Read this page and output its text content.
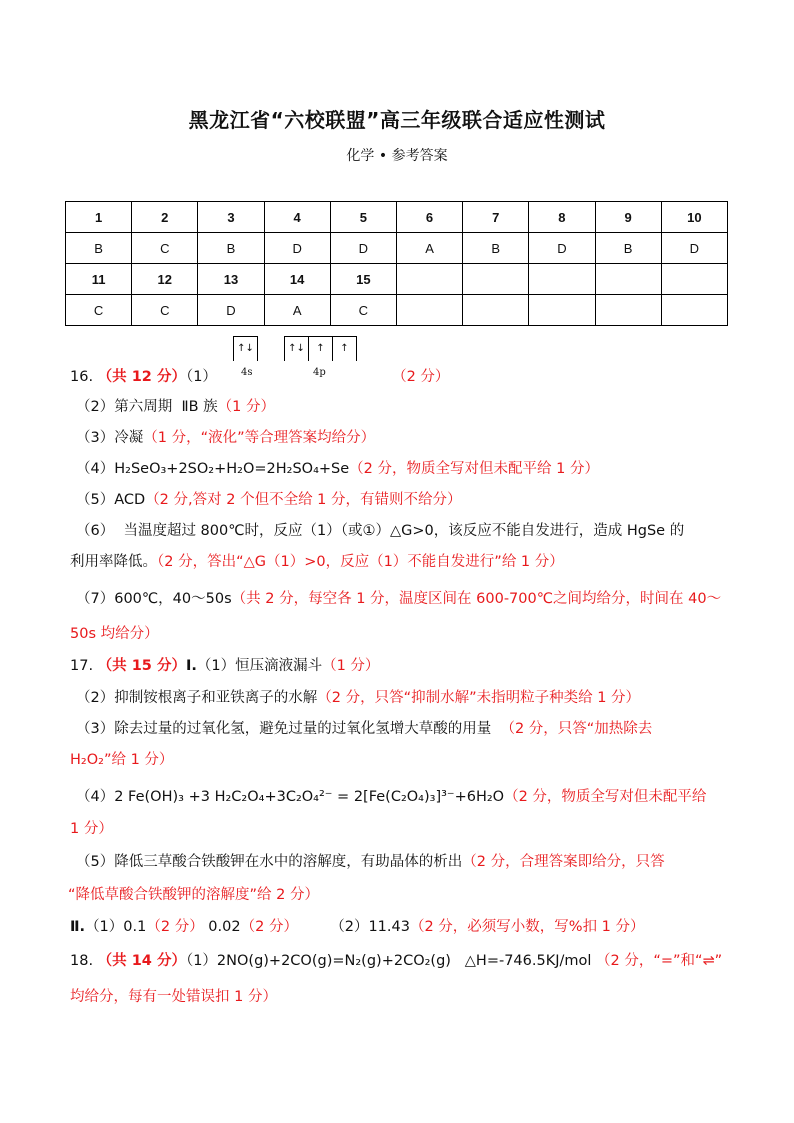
黑龙江省“六校联盟”高三年级联合适应性测试
化学 • 参考答案
1	2	3	4	5	6	7	8	9	10
B	C	B	D	D	A	B	D	B	D
11	12	13	14	15					
C	C	D	A	C					
↑↓	↑↓	↑	↑
4s	4p
16. （共 12 分）（1）	（2 分）
（2）第六周期  ⅡB 族（1 分）
（3）冷凝（1 分，“液化”等合理答案均给分）
（4）H₂SeO₃+2SO₂+H₂O=2H₂SO₄+Se（2 分，物质全写对但未配平给 1 分）
（5）ACD（2 分,答对 2 个但不全给 1 分，有错则不给分）
（6）  当温度超过 800℃时，反应（1）（或①）△G>0，该反应不能自发进行，造成 HgSe 的
利用率降低。（2 分，答出“△G（1）>0，反应（1）不能自发进行”给 1 分）
（7）600℃，40～50s（共 2 分，每空各 1 分，温度区间在 600-700℃之间均给分，时间在 40～
50s 均给分）
17. （共 15 分）Ⅰ.（1）恒压滴液漏斗（1 分）
（2）抑制铵根离子和亚铁离子的水解（2 分，只答“抑制水解”未指明粒子种类给 1 分）
（3）除去过量的过氧化氢，避免过量的过氧化氢增大草酸的用量  （2 分，只答“加热除去
H₂O₂”给 1 分）
（4）2 Fe(OH)₃ +3 H₂C₂O₄+3C₂O₄²⁻ = 2[Fe(C₂O₄)₃]³⁻+6H₂O（2 分，物质全写对但未配平给
1 分）
（5）降低三草酸合铁酸钾在水中的溶解度，有助晶体的析出（2 分，合理答案即给分，只答
“降低草酸合铁酸钾的溶解度”给 2 分）
Ⅱ.（1）0.1（2 分） 0.02（2 分）       （2）11.43（2 分，必须写小数，写%扣 1 分）
18. （共 14 分）（1）2NO(g)+2CO(g)=N₂(g)+2CO₂(g)   △H=-746.5KJ/mol （2 分，“=”和“⇌”
均给分，每有一处错误扣 1 分）
